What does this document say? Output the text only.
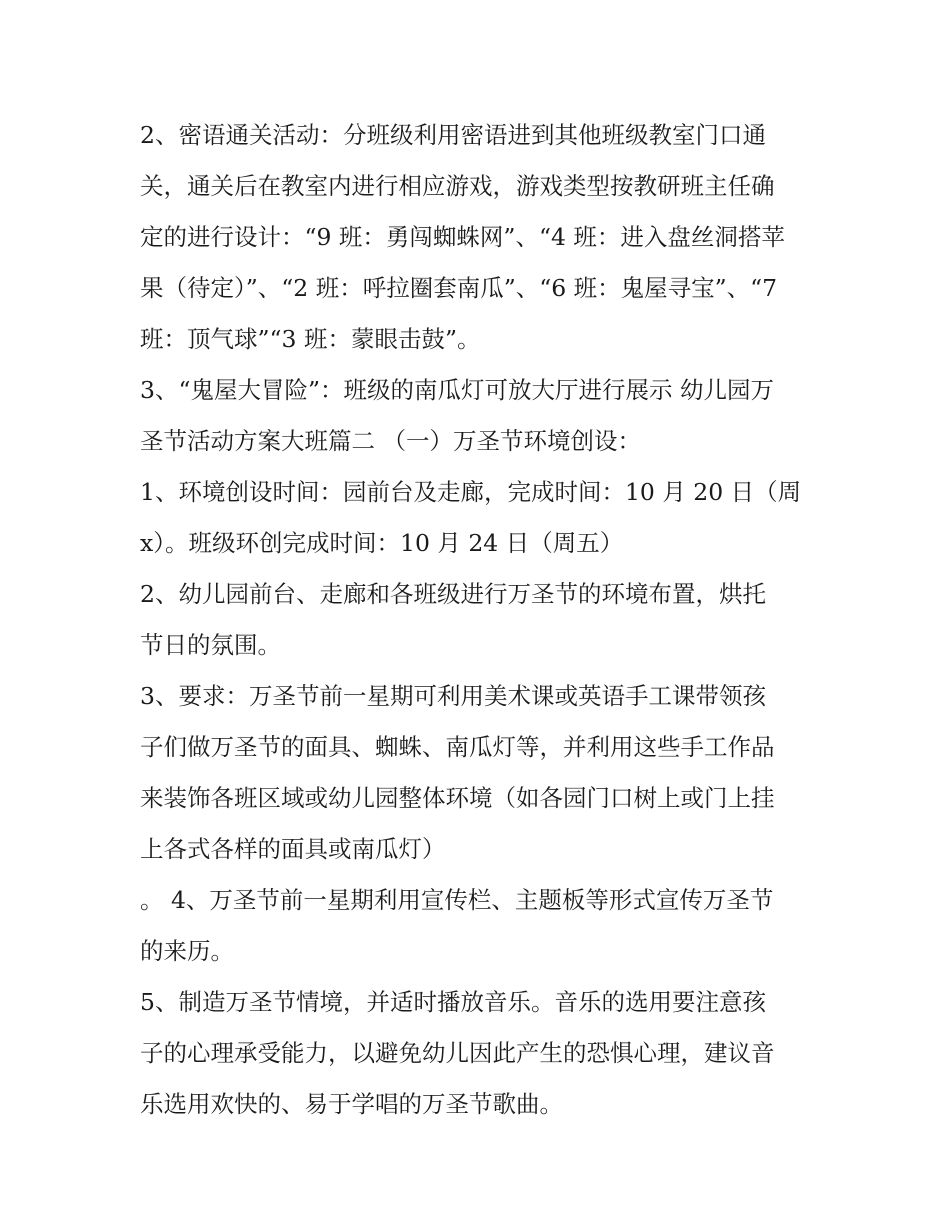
2、密语通关活动：分班级利用密语进到其他班级教室门口通
关，通关后在教室内进行相应游戏，游戏类型按教研班主任确
定的进行设计：“9 班：勇闯蜘蛛网”、“4 班：进入盘丝洞搭苹
果（待定）”、“2 班：呼拉圈套南瓜”、“6 班：鬼屋寻宝”、“7
班：顶气球”“3 班：蒙眼击鼓”。
3、“鬼屋大冒险”：班级的南瓜灯可放大厅进行展示 幼儿园万
圣节活动方案大班篇二 （一）万圣节环境创设：
1、环境创设时间：园前台及走廊，完成时间：10 月 20 日（周
x）。班级环创完成时间：10 月 24 日（周五）
2、幼儿园前台、走廊和各班级进行万圣节的环境布置，烘托
节日的氛围。
3、要求：万圣节前一星期可利用美术课或英语手工课带领孩
子们做万圣节的面具、蜘蛛、南瓜灯等，并利用这些手工作品
来装饰各班区域或幼儿园整体环境（如各园门口树上或门上挂
上各式各样的面具或南瓜灯）
。 4、万圣节前一星期利用宣传栏、主题板等形式宣传万圣节
的来历。
5、制造万圣节情境，并适时播放音乐。音乐的选用要注意孩
子的心理承受能力，以避免幼儿因此产生的恐惧心理，建议音
乐选用欢快的、易于学唱的万圣节歌曲。
